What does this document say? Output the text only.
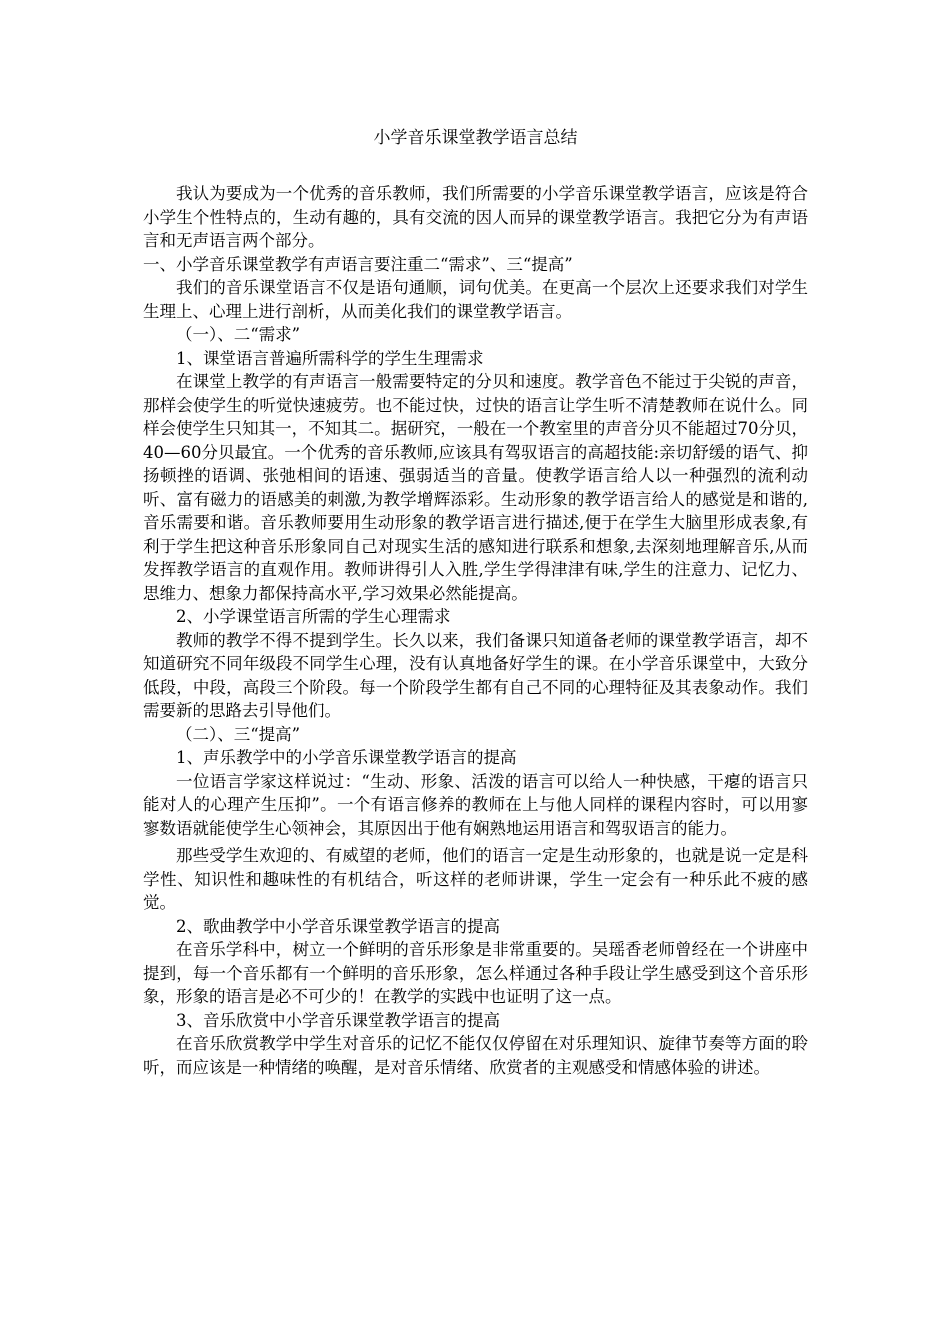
小学音乐课堂教学语言总结

我认为要成为一个优秀的音乐教师，我们所需要的小学音乐课堂教学语言，应该是符合小学生个性特点的，生动有趣的，具有交流的因人而异的课堂教学语言。我把它分为有声语言和无声语言两个部分。

一、小学音乐课堂教学有声语言要注重二“需求”、三“提高”

我们的音乐课堂语言不仅是语句通顺，词句优美。在更高一个层次上还要求我们对学生生理上、心理上进行剖析，从而美化我们的课堂教学语言。

（一）、二“需求”

1、课堂语言普遍所需科学的学生生理需求

在课堂上教学的有声语言一般需要特定的分贝和速度。教学音色不能过于尖锐的声音，那样会使学生的听觉快速疲劳。也不能过快，过快的语言让学生听不清楚教师在说什么。同样会使学生只知其一，不知其二。据研究，一般在一个教室里的声音分贝不能超过70分贝，40—60分贝最宜。一个优秀的音乐教师,应该具有驾驭语言的高超技能:亲切舒缓的语气、抑扬顿挫的语调、张弛相间的语速、强弱适当的音量。使教学语言给人以一种强烈的流利动听、富有磁力的语感美的刺激,为教学增辉添彩。生动形象的教学语言给人的感觉是和谐的,音乐需要和谐。音乐教师要用生动形象的教学语言进行描述,便于在学生大脑里形成表象,有利于学生把这种音乐形象同自己对现实生活的感知进行联系和想象,去深刻地理解音乐,从而发挥教学语言的直观作用。教师讲得引人入胜,学生学得津津有味,学生的注意力、记忆力、思维力、想象力都保持高水平,学习效果必然能提高。

2、小学课堂语言所需的学生心理需求

教师的教学不得不提到学生。长久以来，我们备课只知道备老师的课堂教学语言，却不知道研究不同年级段不同学生心理，没有认真地备好学生的课。在小学音乐课堂中，大致分低段，中段，高段三个阶段。每一个阶段学生都有自己不同的心理特征及其表象动作。我们需要新的思路去引导他们。

（二）、三“提高”

1、声乐教学中的小学音乐课堂教学语言的提高

一位语言学家这样说过：“生动、形象、活泼的语言可以给人一种快感，干瘪的语言只能对人的心理产生压抑”。一个有语言修养的教师在上与他人同样的课程内容时，可以用寥寥数语就能使学生心领神会，其原因出于他有娴熟地运用语言和驾驭语言的能力。

那些受学生欢迎的、有威望的老师，他们的语言一定是生动形象的，也就是说一定是科学性、知识性和趣味性的有机结合，听这样的老师讲课，学生一定会有一种乐此不疲的感觉。

2、歌曲教学中小学音乐课堂教学语言的提高

在音乐学科中，树立一个鲜明的音乐形象是非常重要的。吴瑶香老师曾经在一个讲座中提到，每一个音乐都有一个鲜明的音乐形象，怎么样通过各种手段让学生感受到这个音乐形象，形象的语言是必不可少的！在教学的实践中也证明了这一点。

3、音乐欣赏中小学音乐课堂教学语言的提高

在音乐欣赏教学中学生对音乐的记忆不能仅仅停留在对乐理知识、旋律节奏等方面的聆听，而应该是一种情绪的唤醒，是对音乐情绪、欣赏者的主观感受和情感体验的讲述。
